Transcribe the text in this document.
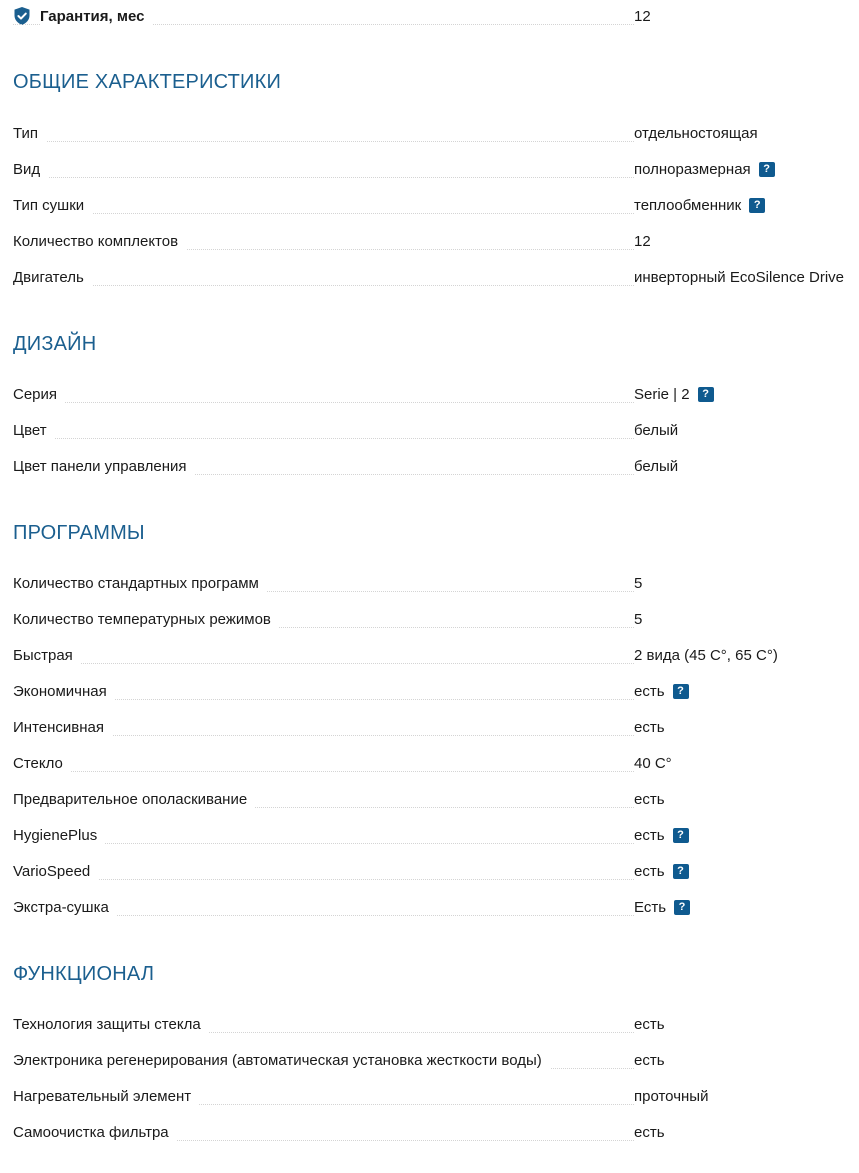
Гарантия, мес	12
ОБЩИЕ ХАРАКТЕРИСТИКИ
Тип	отдельностоящая
Вид	полноразмерная	?
Тип сушки	теплообменник	?
Количество комплектов	12
Двигатель	инверторный EcoSilence Drive
ДИЗАЙН
Серия	Serie | 2	?
Цвет	белый
Цвет панели управления	белый
ПРОГРАММЫ
Количество стандартных программ	5
Количество температурных режимов	5
Быстрая	2 вида (45 С°, 65 С°)
Экономичная	есть	?
Интенсивная	есть
Стекло	40 С°
Предварительное ополаскивание	есть
HygienePlus	есть	?
VarioSpeed	есть	?
Экстра-сушка	Есть	?
ФУНКЦИОНАЛ
Технология защиты стекла	есть
Электроника регенерирования (автоматическая установка жесткости воды)	есть
Нагревательный элемент	проточный
Самоочистка фильтра	есть
